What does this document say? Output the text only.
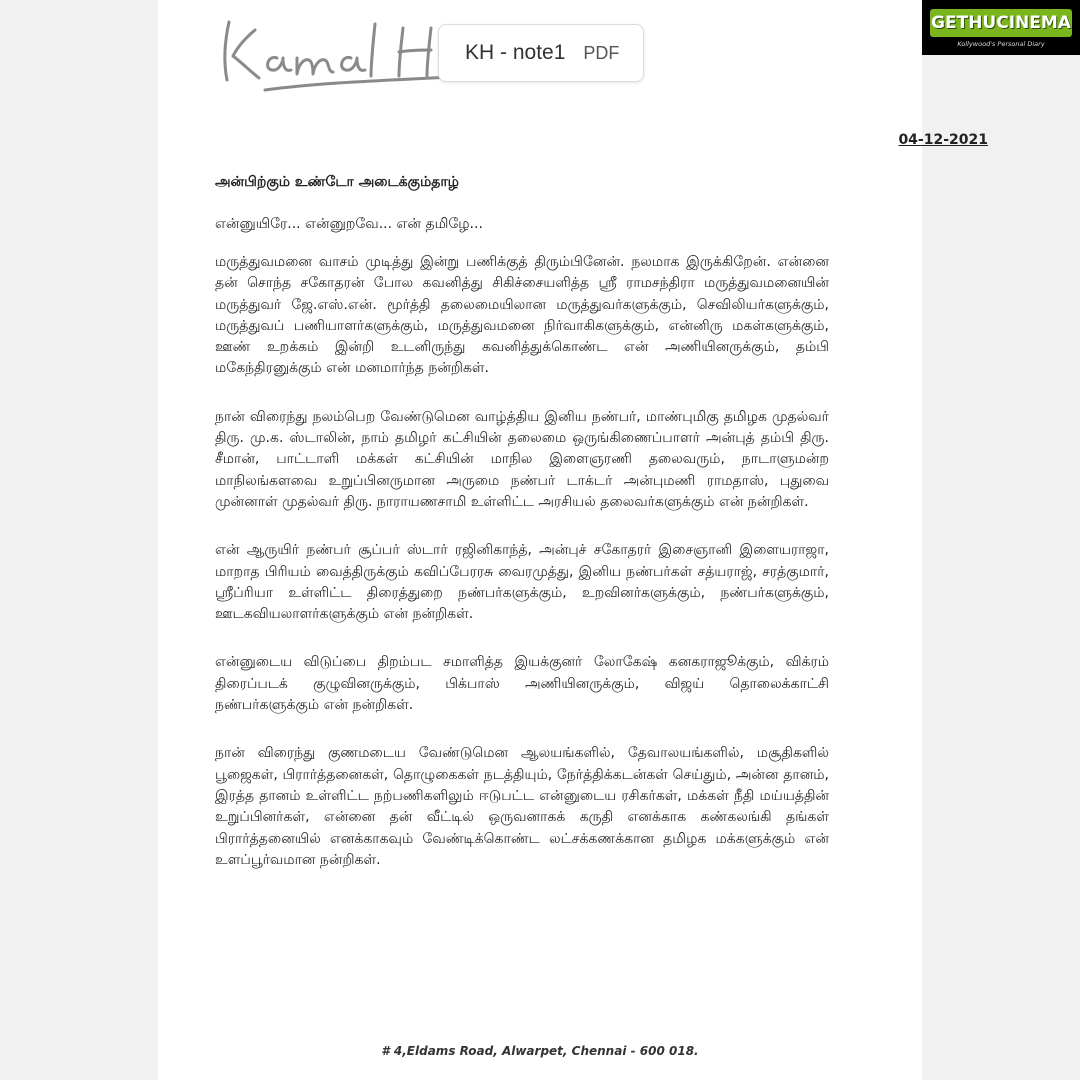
KH - note1 PDF
GETHUCINEMA
Kollywood's Personal Diary
04-12-2021
அன்பிற்கும் உண்டோ அடைக்கும்தாழ்
என்னுயிரே... என்னுறவே... என் தமிழே...

மருத்துவமனை வாசம் முடித்து இன்று பணிக்குத் திரும்பினேன். நலமாக இருக்கிறேன். என்னை தன் சொந்த சகோதரன் போல கவனித்து சிகிச்சையளித்த ஸ்ரீ ராமசந்திரா மருத்துவமனையின் மருத்துவர் ஜே.எஸ்.என். மூர்த்தி தலைமையிலான மருத்துவர்களுக்கும், செவிலியர்களுக்கும், மருத்துவப் பணியாளர்களுக்கும், மருத்துவமனை நிர்வாகிகளுக்கும், என்னிரு மகள்களுக்கும், ஊண் உறக்கம் இன்றி உடனிருந்து கவனித்துக்கொண்ட என் அணியினருக்கும், தம்பி மகேந்திரனுக்கும் என் மனமார்ந்த நன்றிகள்.

நான் விரைந்து நலம்பெற வேண்டுமென வாழ்த்திய இனிய நண்பர், மாண்புமிகு தமிழக முதல்வர் திரு. மு.க. ஸ்டாலின், நாம் தமிழர் கட்சியின் தலைமை ஒருங்கிணைப்பாளர் அன்புத் தம்பி திரு. சீமான், பாட்டாளி மக்கள் கட்சியின் மாநில இளைஞரணி தலைவரும், நாடாளுமன்ற மாநிலங்களவை உறுப்பினருமான அருமை நண்பர் டாக்டர் அன்புமணி ராமதாஸ், புதுவை முன்னாள் முதல்வர் திரு. நாராயணசாமி உள்ளிட்ட அரசியல் தலைவர்களுக்கும் என் நன்றிகள்.

என் ஆருயிர் நண்பர் சூப்பர் ஸ்டார் ரஜினிகாந்த், அன்புச் சகோதரர் இசைஞானி இளையராஜா, மாறாத பிரியம் வைத்திருக்கும் கவிப்பேரரசு வைரமுத்து, இனிய நண்பர்கள் சத்யராஜ், சரத்குமார், ஸ்ரீப்ரியா உள்ளிட்ட திரைத்துறை நண்பர்களுக்கும், உறவினர்களுக்கும், நண்பர்களுக்கும், ஊடகவியலாளர்களுக்கும் என் நன்றிகள்.

என்னுடைய விடுப்பை திறம்பட சமாளித்த இயக்குனர் லோகேஷ் கனகராஜூக்கும், விக்ரம் திரைப்படக் குழுவினருக்கும், பிக்பாஸ் அணியினருக்கும், விஜய் தொலைக்காட்சி நண்பர்களுக்கும் என் நன்றிகள்.

நான் விரைந்து குணமடைய வேண்டுமென ஆலயங்களில், தேவாலயங்களில், மசூதிகளில் பூஜைகள், பிரார்த்தனைகள், தொழுகைகள் நடத்தியும், நேர்த்திக்கடன்கள் செய்தும், அன்ன தானம், இரத்த தானம் உள்ளிட்ட நற்பணிகளிலும் ஈடுபட்ட என்னுடைய ரசிகர்கள், மக்கள் நீதி மய்யத்தின் உறுப்பினர்கள், என்னை தன் வீட்டில் ஒருவனாகக் கருதி எனக்காக கண்கலங்கி தங்கள் பிரார்த்தனையில் எனக்காகவும் வேண்டிக்கொண்ட லட்சக்கணக்கான தமிழக மக்களுக்கும் என் உளப்பூர்வமான நன்றிகள்.

# 4,Eldams Road, Alwarpet, Chennai - 600 018.
